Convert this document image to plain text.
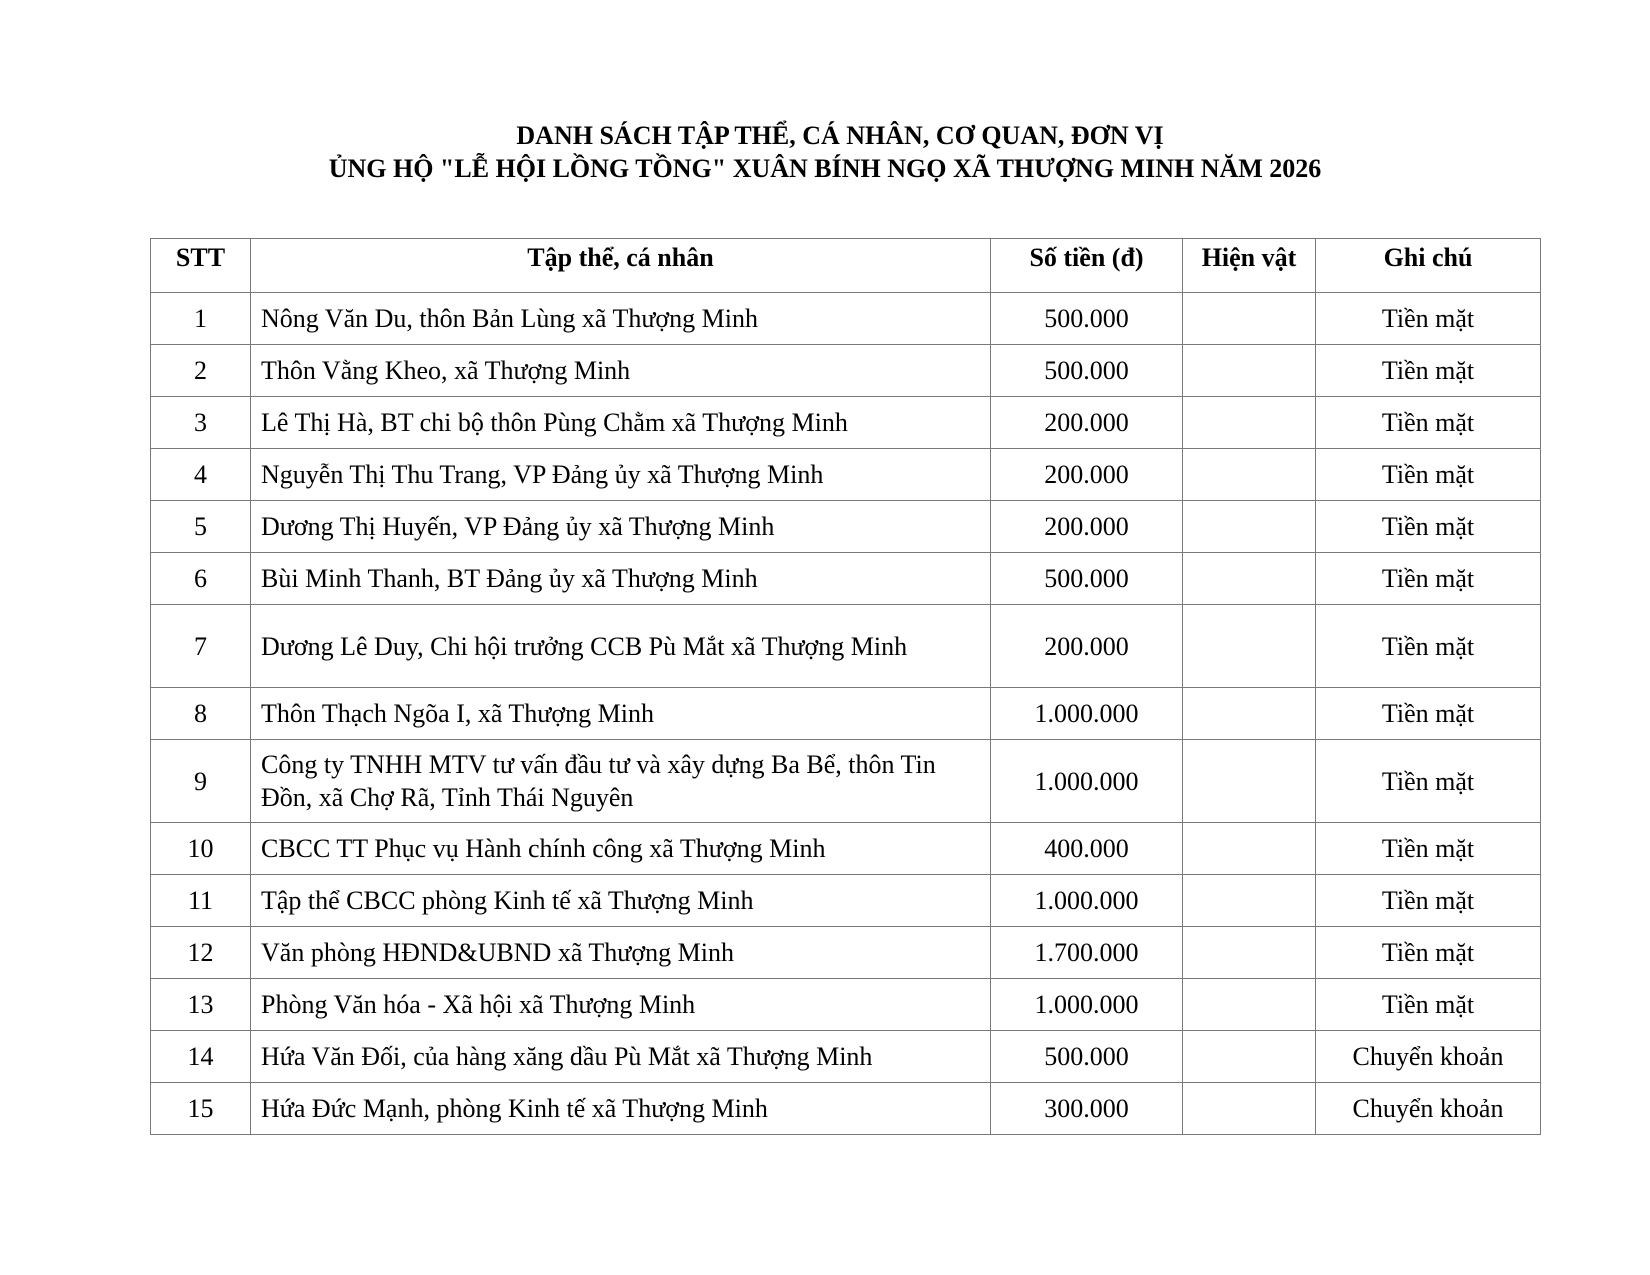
DANH SÁCH TẬP THỂ, CÁ NHÂN, CƠ QUAN, ĐƠN VỊ
ỦNG HỘ "LỄ HỘI LỒNG TỒNG" XUÂN BÍNH NGỌ XÃ THƯỢNG MINH NĂM 2026
STT	Tập thể, cá nhân	Số tiền (đ)	Hiện vật	Ghi chú
1	Nông Văn Du, thôn Bản Lùng xã Thượng Minh	500.000		Tiền mặt
2	Thôn Vằng Kheo, xã Thượng Minh	500.000		Tiền mặt
3	Lê Thị Hà, BT chi bộ thôn Pùng Chằm xã Thượng Minh	200.000		Tiền mặt
4	Nguyễn Thị Thu Trang, VP Đảng ủy xã Thượng Minh	200.000		Tiền mặt
5	Dương Thị Huyến, VP Đảng ủy xã Thượng Minh	200.000		Tiền mặt
6	Bùi Minh Thanh, BT Đảng ủy xã Thượng Minh	500.000		Tiền mặt
7	Dương Lê Duy, Chi hội trưởng CCB Pù Mắt xã Thượng Minh	200.000		Tiền mặt
8	Thôn Thạch Ngõa I, xã Thượng Minh	1.000.000		Tiền mặt
9	Công ty TNHH MTV tư vấn đầu tư và xây dựng Ba Bể, thôn Tin Đồn, xã Chợ Rã, Tỉnh Thái Nguyên	1.000.000		Tiền mặt
10	CBCC TT Phục vụ Hành chính công xã Thượng Minh	400.000		Tiền mặt
11	Tập thể CBCC phòng Kinh tế xã Thượng Minh	1.000.000		Tiền mặt
12	Văn phòng HĐND&UBND xã Thượng Minh	1.700.000		Tiền mặt
13	Phòng Văn hóa - Xã hội xã Thượng Minh	1.000.000		Tiền mặt
14	Hứa Văn Đối, của hàng xăng dầu Pù Mắt xã Thượng Minh	500.000		Chuyển khoản
15	Hứa Đức Mạnh, phòng Kinh tế xã Thượng Minh	300.000		Chuyển khoản
